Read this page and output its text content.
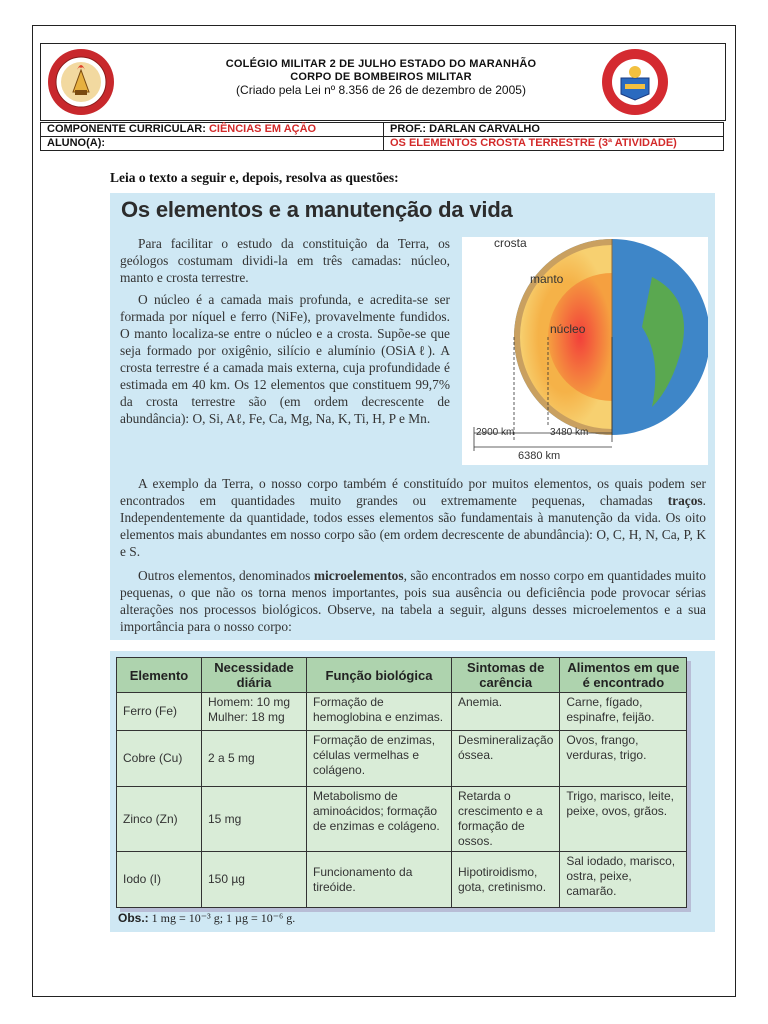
COLÉGIO MILITAR 2 DE JULHO ESTADO DO MARANHÃO
CORPO DE BOMBEIROS MILITAR
(Criado pela Lei nº 8.356 de 26 de dezembro de 2005)
COMPONENTE CURRICULAR: CIÊNCIAS EM AÇÃO	PROF.: DARLAN CARVALHO
ALUNO(A):	OS ELEMENTOS CROSTA TERRESTRE (3ª ATIVIDADE)
Leia o texto a seguir e, depois, resolva as questões:
Os elementos e a manutenção da vida

Para facilitar o estudo da constituição da Terra, os geólogos costumam dividi-la em três camadas: núcleo, manto e crosta terrestre.

O núcleo é a camada mais profunda, e acredita-se ser formada por níquel e ferro (NiFe), provavelmente fundidos. O manto localiza-se entre o núcleo e a crosta. Supõe-se que seja formado por oxigênio, silício e alumínio (OSiAℓ). A crosta terrestre é a camada mais externa, cuja profundidade é estimada em 40 km. Os 12 elementos que constituem 99,7% da crosta terrestre são (em ordem decrescente de abundância): O, Si, Aℓ, Fe, Ca, Mg, Na, K, Ti, H, P e Mn.

crosta
manto
núcleo
2900 km	3480 km
6380 km

A exemplo da Terra, o nosso corpo também é constituído por muitos elementos, os quais podem ser encontrados em quantidades muito grandes ou extremamente pequenas, chamadas traços. Independentemente da quantidade, todos esses elementos são fundamentais à manutenção da vida. Os oito elementos mais abundantes em nosso corpo são (em ordem decrescente de abundância): O, C, H, N, Ca, P, K e S.

Outros elementos, denominados microelementos, são encontrados em nosso corpo em quantidades muito pequenas, o que não os torna menos importantes, pois sua ausência ou deficiência pode provocar sérias alterações nos processos biológicos. Observe, na tabela a seguir, alguns desses microelementos e a sua importância para o nosso corpo:

Elemento	Necessidade diária	Função biológica	Sintomas de carência	Alimentos em que é encontrado
Ferro (Fe)	Homem: 10 mg Mulher: 18 mg	Formação de hemoglobina e enzimas.	Anemia.	Carne, fígado, espinafre, feijão.
Cobre (Cu)	2 a 5 mg	Formação de enzimas, células vermelhas e colágeno.	Desmineralização óssea.	Ovos, frango, verduras, trigo.
Zinco (Zn)	15 mg	Metabolismo de aminoácidos; formação de enzimas e colágeno.	Retarda o crescimento e a formação de ossos.	Trigo, marisco, leite, peixe, ovos, grãos.
Iodo (I)	150 µg	Funcionamento da tireóide.	Hipotiroidismo, gota, cretinismo.	Sal iodado, marisco, ostra, peixe, camarão.
Obs.: 1 mg = 10⁻³ g; 1 µg = 10⁻⁶ g.
